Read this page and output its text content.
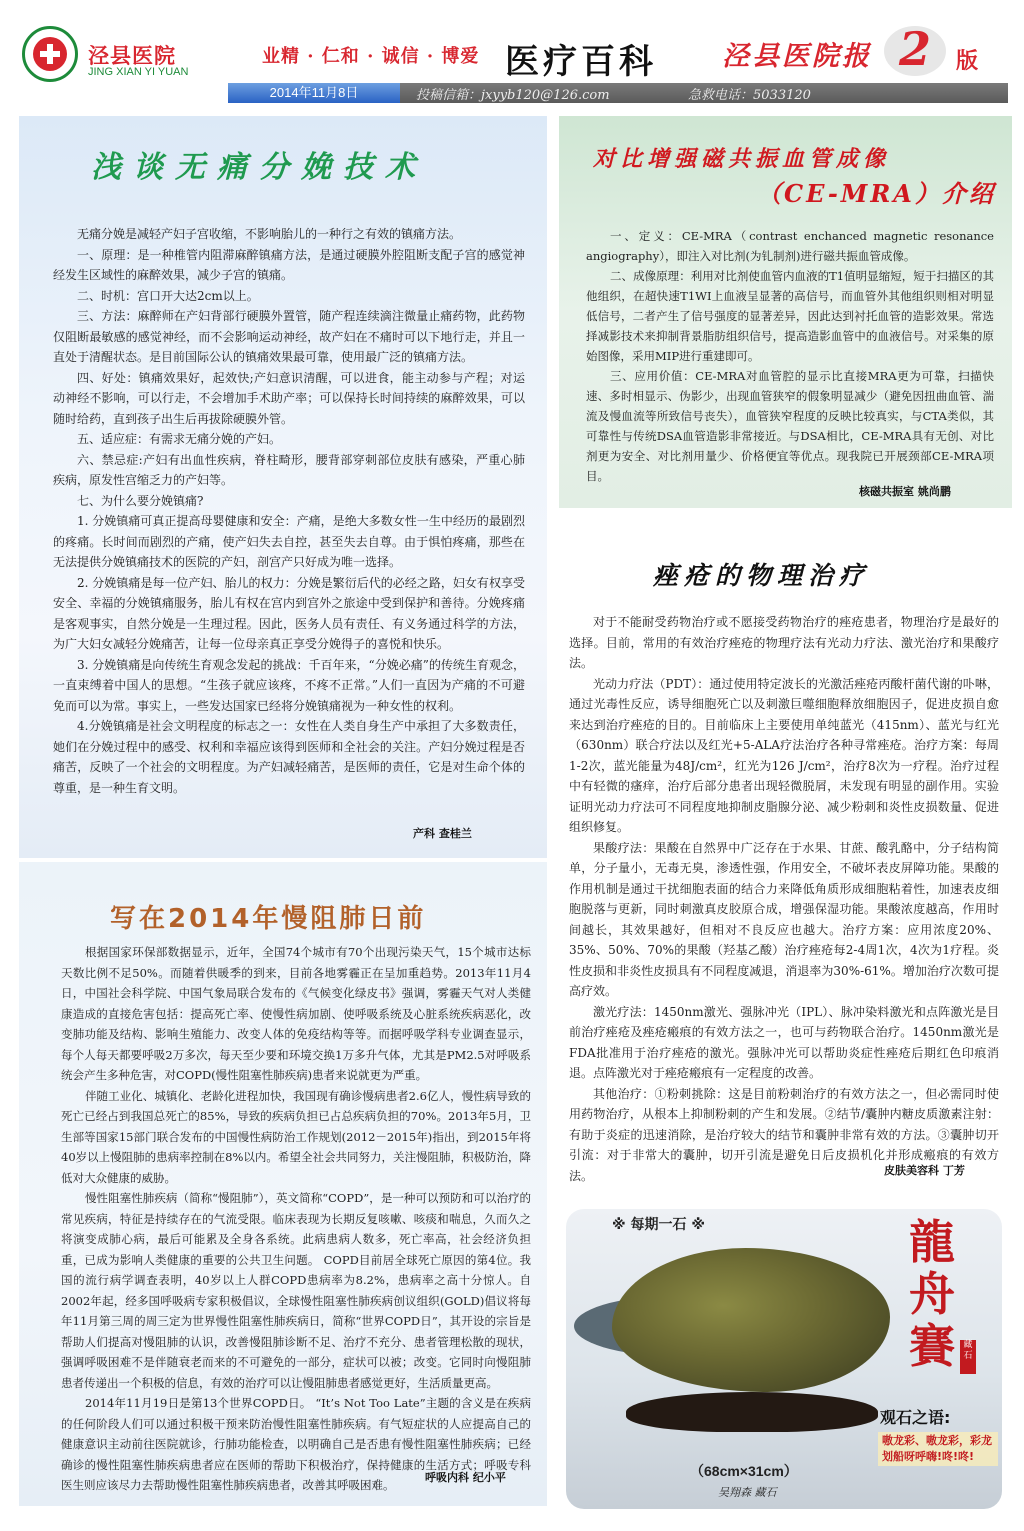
泾县医院
JING XIAN YI YUAN
业精 · 仁和 · 诚信 · 博爱 医疗百科 泾县医院报 2	版
2014年11月8日	投稿信箱：jxyyb120@126.com	急救电话：5033120
浅谈无痛分娩技术

无痛分娩是减轻产妇子宫收缩，不影响胎儿的一种行之有效的镇痛方法。

一、原理：是一种椎管内阻滞麻醉镇痛方法，是通过硬膜外腔阻断支配子宫的感觉神经发生区域性的麻醉效果，减少子宫的镇痛。

二、时机：宫口开大达2cm以上。

三、方法：麻醉师在产妇背部行硬膜外置管，随产程连续滴注微量止痛药物，此药物仅阻断最敏感的感觉神经，而不会影响运动神经，故产妇在不痛时可以下地行走，并且一直处于清醒状态。是目前国际公认的镇痛效果最可靠，使用最广泛的镇痛方法。

四、好处：镇痛效果好，起效快;产妇意识清醒，可以进食，能主动参与产程；对运动神经不影响，可以行走，不会增加手术助产率；可以保持长时间持续的麻醉效果，可以随时给药，直到孩子出生后再拔除硬膜外管。

五、适应症：有需求无痛分娩的产妇。

六、禁忌症:产妇有出血性疾病，脊柱畸形，腰背部穿刺部位皮肤有感染，严重心肺疾病，原发性宫缩乏力的产妇等。

七、为什么要分娩镇痛?

1. 分娩镇痛可真正提高母婴健康和安全：产痛，是绝大多数女性一生中经历的最剧烈的疼痛。长时间而剧烈的产痛，使产妇失去自控，甚至失去自尊。由于惧怕疼痛，那些在无法提供分娩镇痛技术的医院的产妇，剖宫产只好成为唯一选择。

2. 分娩镇痛是每一位产妇、胎儿的权力：分娩是繁衍后代的必经之路，妇女有权享受安全、幸福的分娩镇痛服务，胎儿有权在宫内到宫外之旅途中受到保护和善待。分娩疼痛是客观事实，自然分娩是一生理过程。因此，医务人员有责任、有义务通过科学的方法，为广大妇女减轻分娩痛苦，让每一位母亲真正享受分娩得子的喜悦和快乐。

3. 分娩镇痛是向传统生育观念发起的挑战：千百年来，“分娩必痛”的传统生育观念，一直束缚着中国人的思想。“生孩子就应该疼，不疼不正常。”人们一直因为产痛的不可避免而可以为常。事实上，一些发达国家已经将分娩镇痛视为一种女性的权利。

4.分娩镇痛是社会文明程度的标志之一：女性在人类自身生产中承担了大多数责任，她们在分娩过程中的感受、权利和幸福应该得到医师和全社会的关注。产妇分娩过程是否痛苦，反映了一个社会的文明程度。为产妇减轻痛苦，是医师的责任，它是对生命个体的尊重，是一种生育文明。

产科 查桂兰
对比增强磁共振血管成像
（CE-MRA）介绍

一、定义：CE-MRA（contrast enchanced magnetic resonance angiography），即注入对比剂(为钆制剂)进行磁共振血管成像。

二、成像原理：利用对比剂使血管内血液的T1值明显缩短，短于扫描区的其他组织，在超快速T1WI上血液呈显著的高信号，而血管外其他组织则相对明显低信号，二者产生了信号强度的显著差异，因此达到衬托血管的造影效果。常选择减影技术来抑制背景脂肪组织信号，提高造影血管中的血液信号。对采集的原始图像，采用MIP进行重建即可。

三、应用价值：CE-MRA对血管腔的显示比直接MRA更为可靠，扫描快速、多时相显示、伪影少，出现血管狭窄的假象明显减少（避免因扭曲血管、湍流及慢血流等所致信号丧失），血管狭窄程度的反映比较真实，与CTA类似，其可靠性与传统DSA血管造影非常接近。与DSA相比，CE-MRA具有无创、对比剂更为安全、对比剂用量少、价格便宜等优点。现我院已开展颈部CE-MRA项目。

核磁共振室 姚尚鹏
痤疮的物理治疗

对于不能耐受药物治疗或不愿接受药物治疗的痤疮患者，物理治疗是最好的选择。目前，常用的有效治疗痤疮的物理疗法有光动力疗法、激光治疗和果酸疗法。

光动力疗法（PDT）：通过使用特定波长的光激活痤疮丙酸杆菌代谢的卟啉，通过光毒性反应，诱导细胞死亡以及刺激巨噬细胞释放细胞因子，促进皮损自愈来达到治疗痤疮的目的。目前临床上主要使用单纯蓝光（415nm）、蓝光与红光（630nm）联合疗法以及红光+5-ALA疗法治疗各种寻常痤疮。治疗方案：每周1-2次，蓝光能量为48J/cm²，红光为126 J/cm²，治疗8次为一疗程。治疗过程中有轻微的瘙痒，治疗后部分患者出现轻微脱屑，未发现有明显的副作用。实验证明光动力疗法可不同程度地抑制皮脂腺分泌、减少粉刺和炎性皮损数量、促进组织修复。

果酸疗法：果酸在自然界中广泛存在于水果、甘蔗、酸乳酪中，分子结构简单，分子量小，无毒无臭，渗透性强，作用安全，不破坏表皮屏障功能。果酸的作用机制是通过干扰细胞表面的结合力来降低角质形成细胞粘着性，加速表皮细胞脱落与更新，同时刺激真皮胶原合成，增强保湿功能。果酸浓度越高，作用时间越长，其效果越好，但相对不良反应也越大。治疗方案：应用浓度20%、35%、50%、70%的果酸（羟基乙酸）治疗痤疮每2-4周1次，4次为1疗程。炎性皮损和非炎性皮损具有不同程度减退，消退率为30%-61%。增加治疗次数可提高疗效。

激光疗法：1450nm激光、强脉冲光（IPL）、脉冲染料激光和点阵激光是目前治疗痤疮及痤疮瘢痕的有效方法之一，也可与药物联合治疗。1450nm激光是FDA批准用于治疗痤疮的激光。强脉冲光可以帮助炎症性痤疮后期红色印痕消退。点阵激光对于痤疮瘢痕有一定程度的改善。

其他治疗：①粉刺挑除：这是目前粉刺治疗的有效方法之一，但必需同时使用药物治疗，从根本上抑制粉刺的产生和发展。②结节/囊肿内糖皮质激素注射：有助于炎症的迅速消除，是治疗较大的结节和囊肿非常有效的方法。③囊肿切开引流：对于非常大的囊肿，切开引流是避免日后皮损机化并形成瘢痕的有效方法。	皮肤美容科 丁芳
写在2014年慢阻肺日前

根据国家环保部数据显示，近年，全国74个城市有70个出现污染天气，15个城市达标天数比例不足50%。而随着供暖季的到来，目前各地雾霾正在呈加重趋势。2013年11月4日，中国社会科学院、中国气象局联合发布的《气候变化绿皮书》强调，雾霾天气对人类健康造成的直接危害包括：提高死亡率、使慢性病加剧、使呼吸系统及心脏系统疾病恶化，改变肺功能及结构、影响生殖能力、改变人体的免疫结构等等。而据呼吸学科专业调查显示，每个人每天都要呼吸2万多次，每天至少要和环境交换1万多升气体，尤其是PM2.5对呼吸系统会产生多种危害，对COPD(慢性阻塞性肺疾病)患者来说就更为严重。

伴随工业化、城镇化、老龄化进程加快，我国现有确诊慢病患者2.6亿人，慢性病导致的死亡已经占到我国总死亡的85%，导致的疾病负担已占总疾病负担的70%。2013年5月，卫生部等国家15部门联合发布的中国慢性病防治工作规划(2012－2015年)指出，到2015年将40岁以上慢阻肺的患病率控制在8%以内。希望全社会共同努力，关注慢阻肺，积极防治，降低对大众健康的威胁。

慢性阻塞性肺疾病（简称“慢阻肺”），英文简称“COPD”，是一种可以预防和可以治疗的常见疾病，特征是持续存在的气流受限。临床表现为长期反复咳嗽、咳痰和喘息，久而久之将演变成肺心病，最后可能累及全身各系统。此病患病人数多，死亡率高，社会经济负担重，已成为影响人类健康的重要的公共卫生问题。 COPD目前居全球死亡原因的第4位。我国的流行病学调查表明，40岁以上人群COPD患病率为8.2%，患病率之高十分惊人。自2002年起，经多国呼吸病专家积极倡议，全球慢性阻塞性肺疾病创议组织(GOLD)倡议将每年11月第三周的周三定为世界慢性阻塞性肺疾病日，简称“世界COPD日”，其开设的宗旨是帮助人们提高对慢阻肺的认识，改善慢阻肺诊断不足、治疗不充分、患者管理松散的现状，强调呼吸困难不是伴随衰老而来的不可避免的一部分，症状可以被；改变。它同时向慢阻肺患者传递出一个积极的信息，有效的治疗可以让慢阻肺患者感觉更好，生活质量更高。

2014年11月19日是第13个世界COPD日。 “It’s Not Too Late”主题的含义是在疾病的任何阶段人们可以通过积极干预来防治慢性阻塞性肺疾病。有气短症状的人应提高自己的健康意识主动前往医院就诊，行肺功能检查，以明确自己是否患有慢性阻塞性肺疾病；已经确诊的慢性阻塞性肺疾病患者应在医师的帮助下积极治疗，保持健康的生活方式；呼吸专科医生则应该尽力去帮助慢性阻塞性肺疾病患者，改善其呼吸困难。

呼吸内科 纪小平
※ 每期一石 ※	龍舟賽 藏石
观石之语:
嗷龙彩、嗷龙彩，彩龙划船呀呼嗨!咚!咚!
（68cm×31cm）
吴翔森 藏石
